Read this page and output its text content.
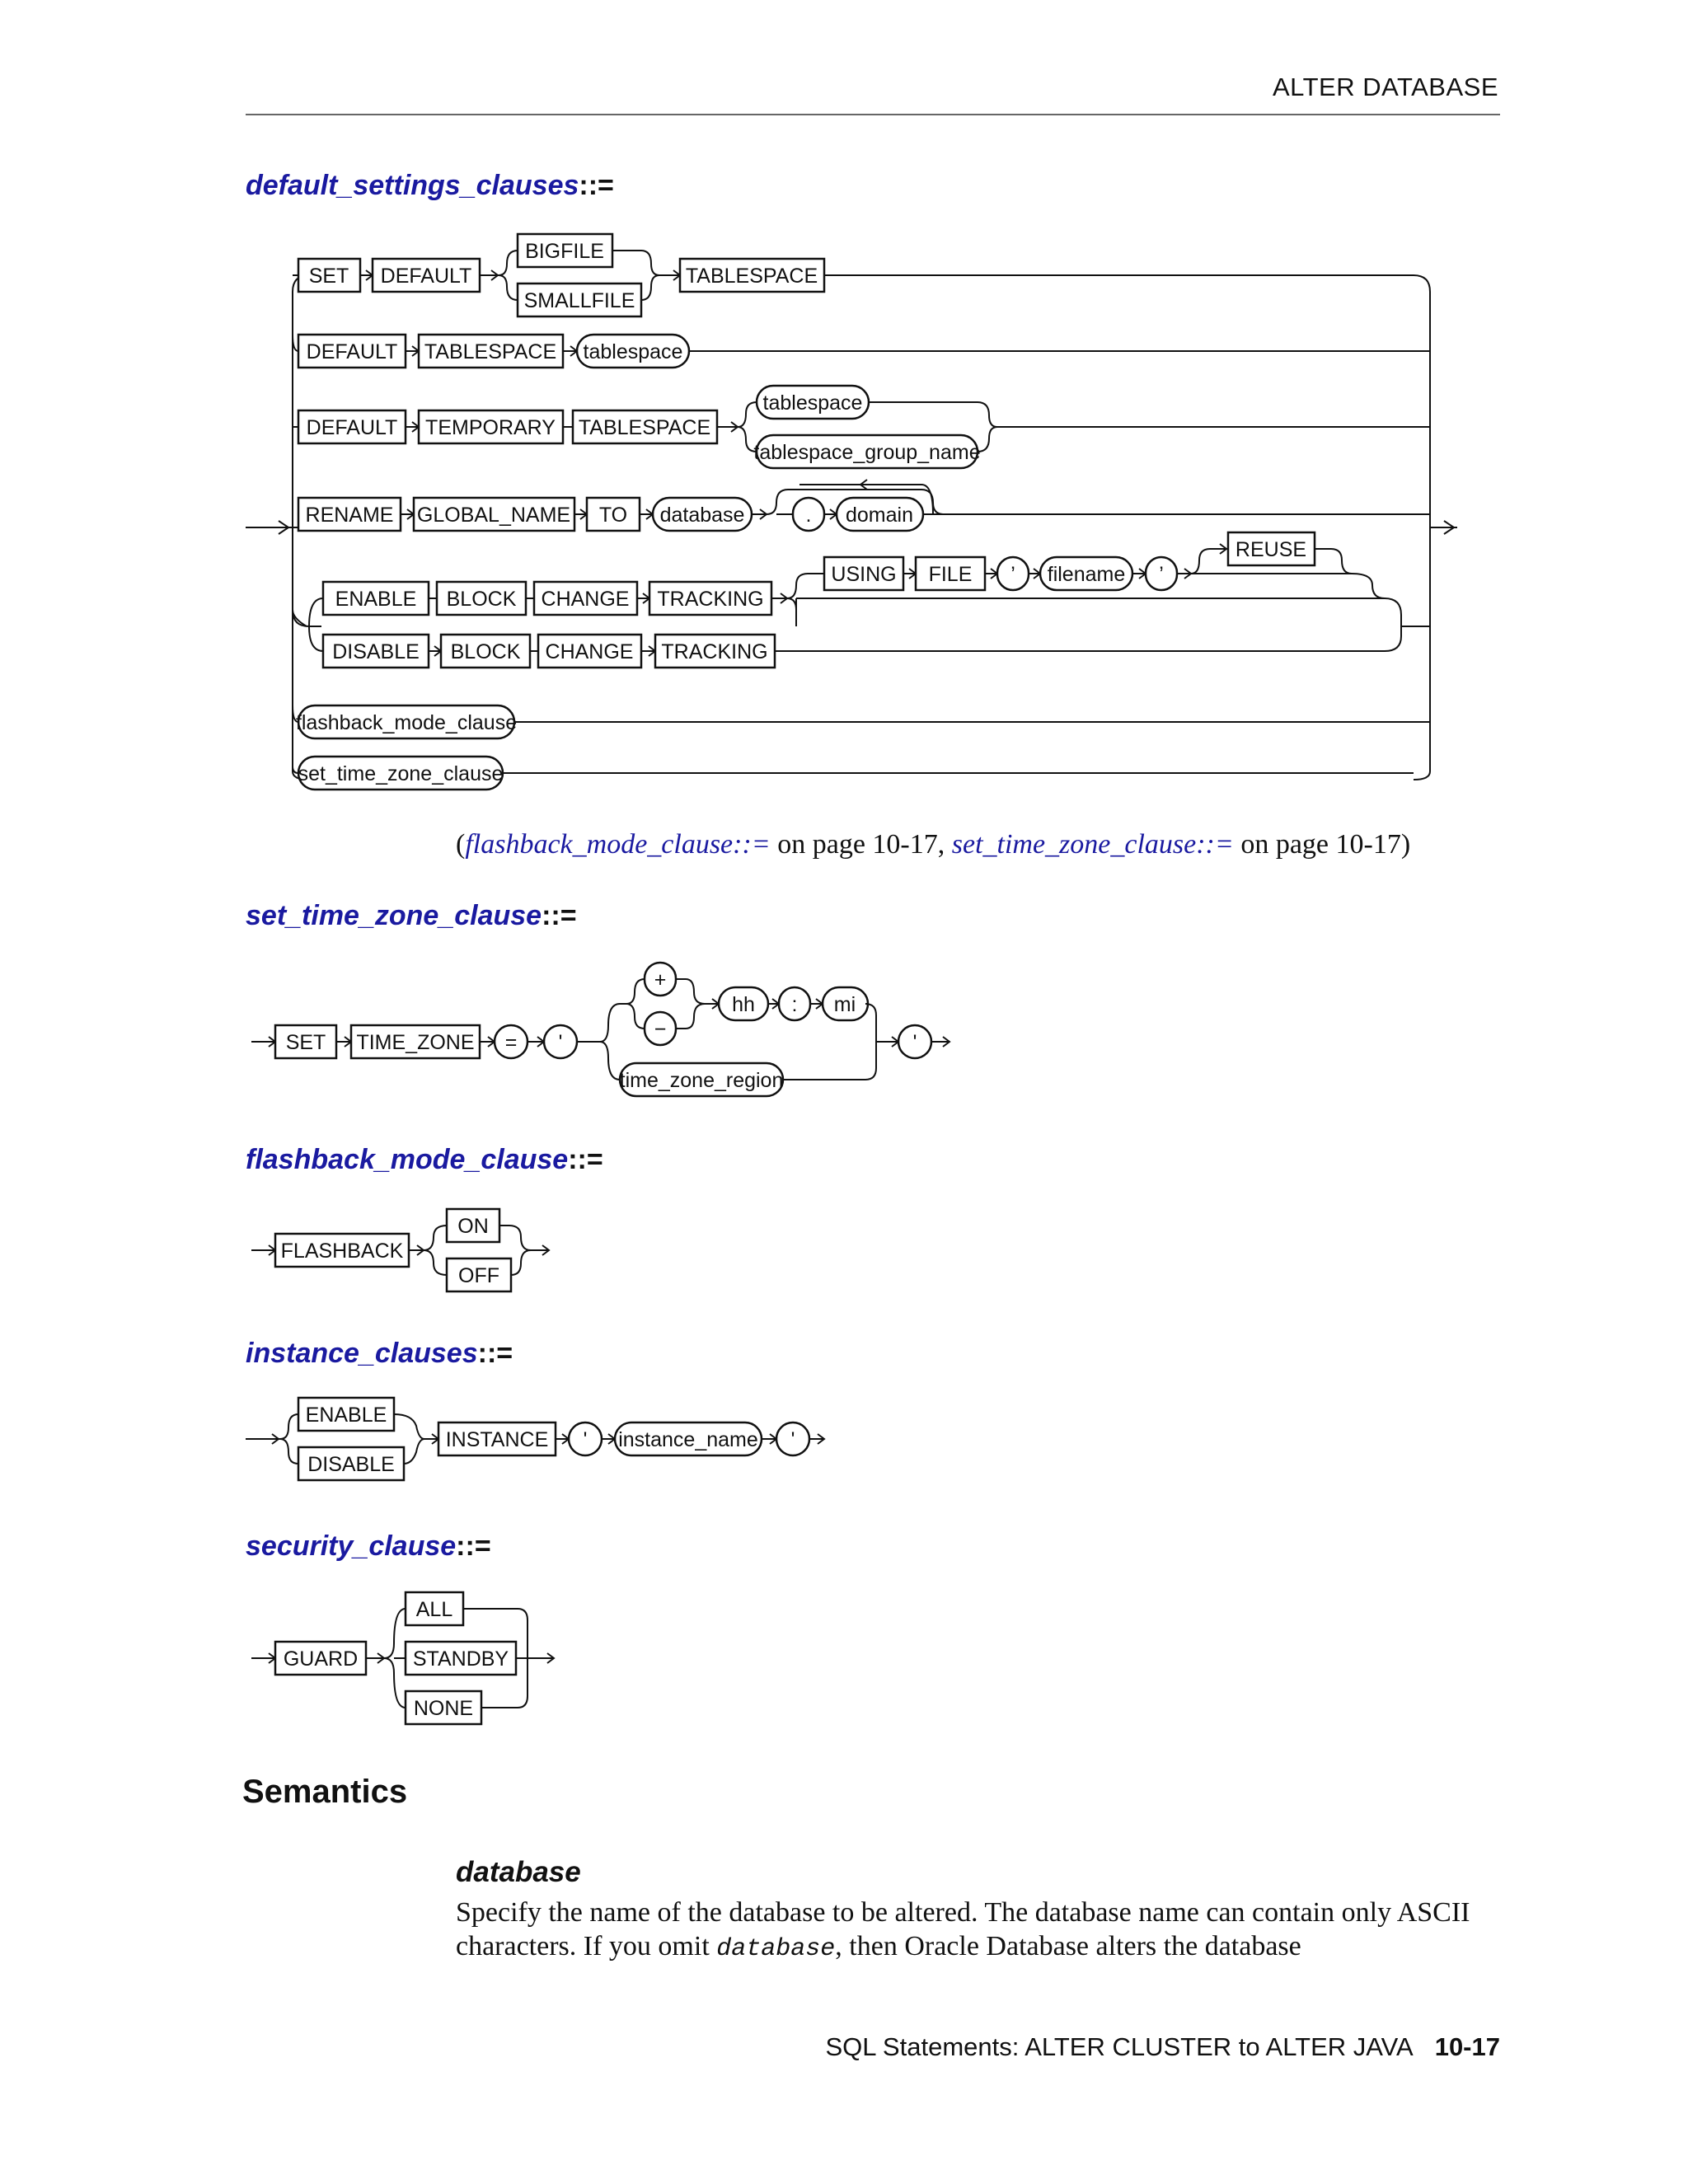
ALTER DATABASE
default_settings_clauses::=
SET DEFAULT
BIGFILE
SMALLFILE
TABLESPACE
DEFAULT TABLESPACE tablespace
DEFAULT TEMPORARY TABLESPACE
tablespace
tablespace_group_name
RENAME GLOBAL_NAME TO database	. domain
ENABLE BLOCK CHANGE TRACKING
USING FILE ’ filename ’
REUSE
DISABLE BLOCK CHANGE TRACKING
flashback_mode_clause
set_time_zone_clause
(flashback_mode_clause::= on page 10-17, set_time_zone_clause::= on page 10-17)
set_time_zone_clause::=
SET TIME_ZONE = '
+
−
hh : mi
time_zone_region
'
flashback_mode_clause::=
FLASHBACK
ON
OFF
instance_clauses::=
ENABLE
DISABLE
INSTANCE ' instance_name '
security_clause::=
GUARD
ALL
STANDBY
NONE
Semantics
database
Specify the name of the database to be altered. The database name can contain only ASCII characters. If you omit database, then Oracle Database alters the database
SQL Statements: ALTER CLUSTER to ALTER JAVA 10-17
